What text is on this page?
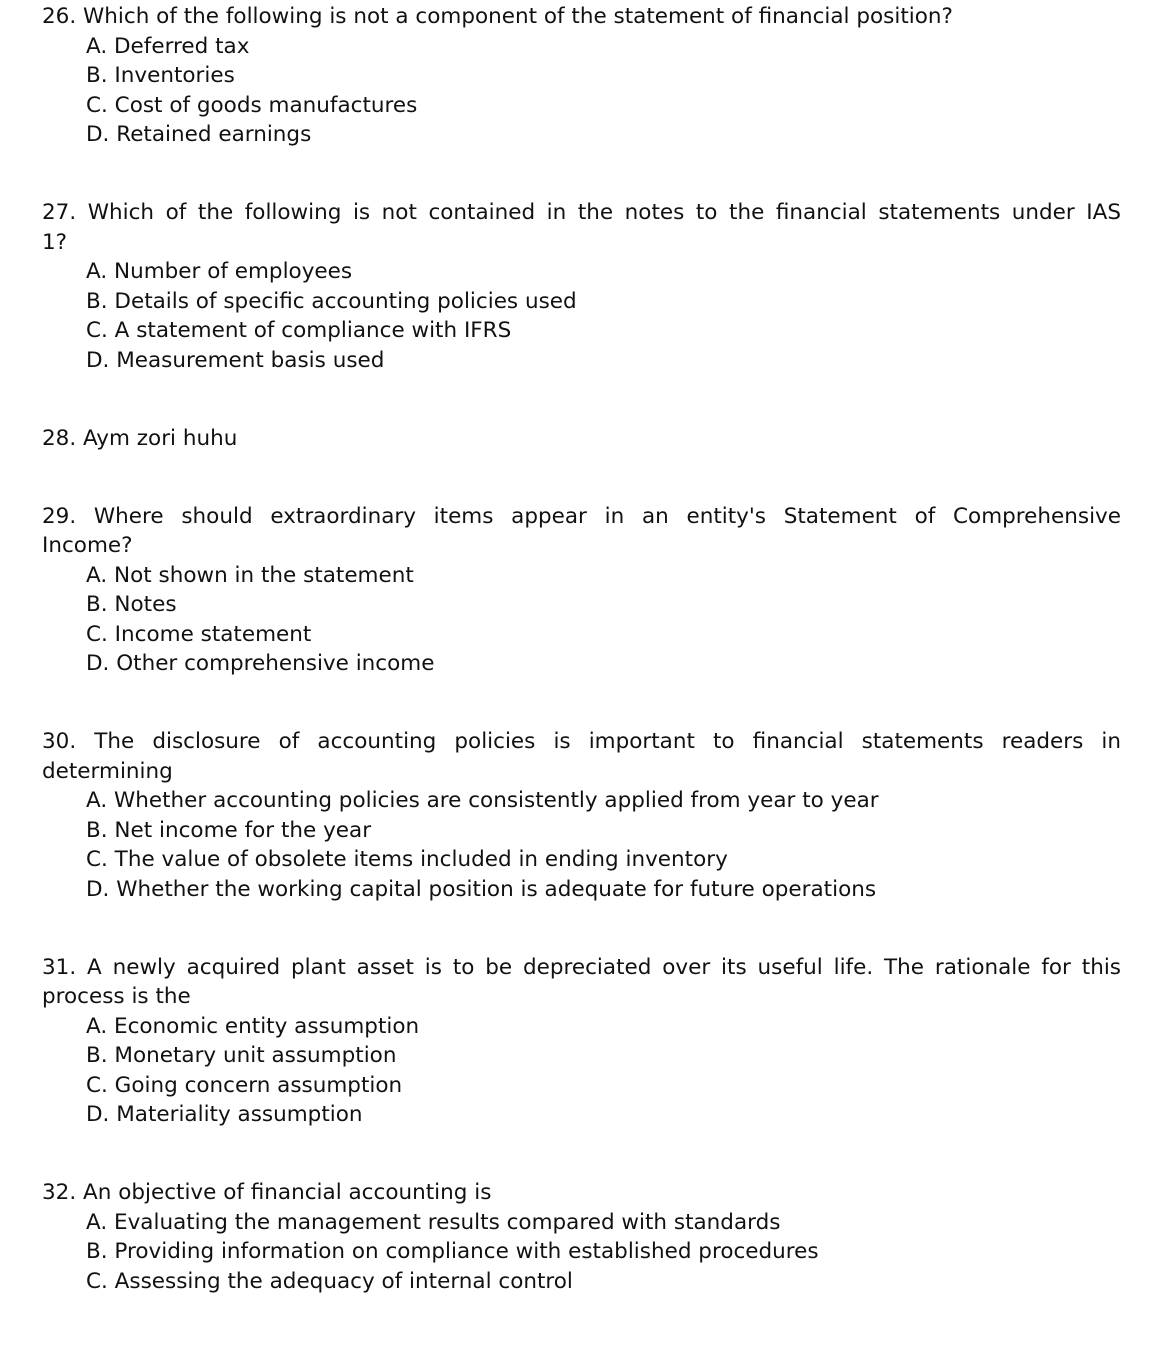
26. Which of the following is not a component of the statement of financial position?
A. Deferred tax
B. Inventories
C. Cost of goods manufactures
D. Retained earnings
27. Which of the following is not contained in the notes to the financial statements under IAS
1?
A. Number of employees
B. Details of specific accounting policies used
C. A statement of compliance with IFRS
D. Measurement basis used
28. Aym zori huhu
29. Where should extraordinary items appear in an entity's Statement of Comprehensive
Income?
A. Not shown in the statement
B. Notes
C. Income statement
D. Other comprehensive income
30. The disclosure of accounting policies is important to financial statements readers in
determining
A. Whether accounting policies are consistently applied from year to year
B. Net income for the year
C. The value of obsolete items included in ending inventory
D. Whether the working capital position is adequate for future operations
31. A newly acquired plant asset is to be depreciated over its useful life. The rationale for this
process is the
A. Economic entity assumption
B. Monetary unit assumption
C. Going concern assumption
D. Materiality assumption
32. An objective of financial accounting is
A. Evaluating the management results compared with standards
B. Providing information on compliance with established procedures
C. Assessing the adequacy of internal control
